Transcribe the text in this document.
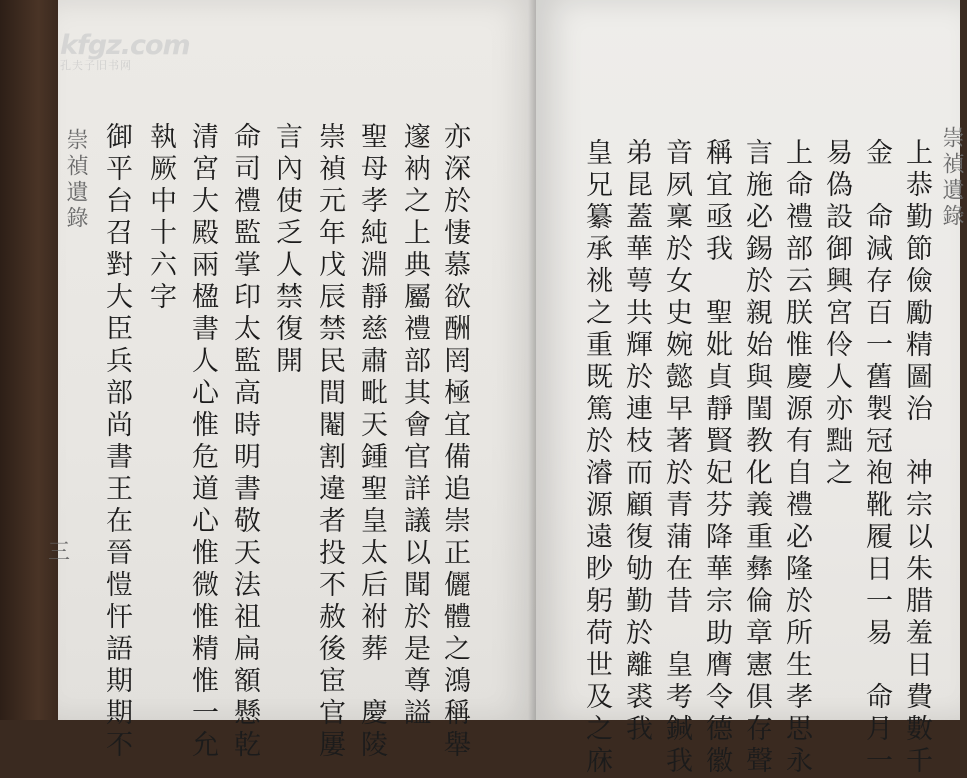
崇禎遺錄	亦深於悽慕欲酬罔極宜備追崇正儷體之鴻稱舉
邃衲之上典屬禮部其會官詳議以聞於是尊謚
聖母孝純淵靜慈肅毗天鍾聖皇太后祔葬　慶陵
崇禎元年戊辰禁民間閹割違者投不赦後宦官屢
言內使乏人禁復開
命司禮監掌印太監高時明書敬天法祖扁額懸乾
清宮大殿兩楹書人心惟危道心惟微惟精惟一允
執厥中十六字
御平台召對大臣兵部尚書王在晉愷忓語期期不
三
崇禎遺錄
上恭勤節儉勵精圖治　神宗以朱腊羞日費數千
金　命減存百一舊製冠袍靴履日一易　命月一
易偽設御興宮伶人亦黜之
上命禮部云朕惟慶源有自禮必隆於所生孝思永
言施必錫於親始與閨教化義重彝倫章憲俱存聲
稱宜亟我　聖妣貞靜賢妃芬降華宗助膺令德徽
音夙稟於女史婉懿早著於青蒲在昔　皇考鍼我
弟昆蓋華萼共輝於連枝而顧復劬勤於離裘我
皇兄纂承祧之重既篤於濬源遠眇躬荷世及之庥
kfgz.com
孔夫子旧书网
